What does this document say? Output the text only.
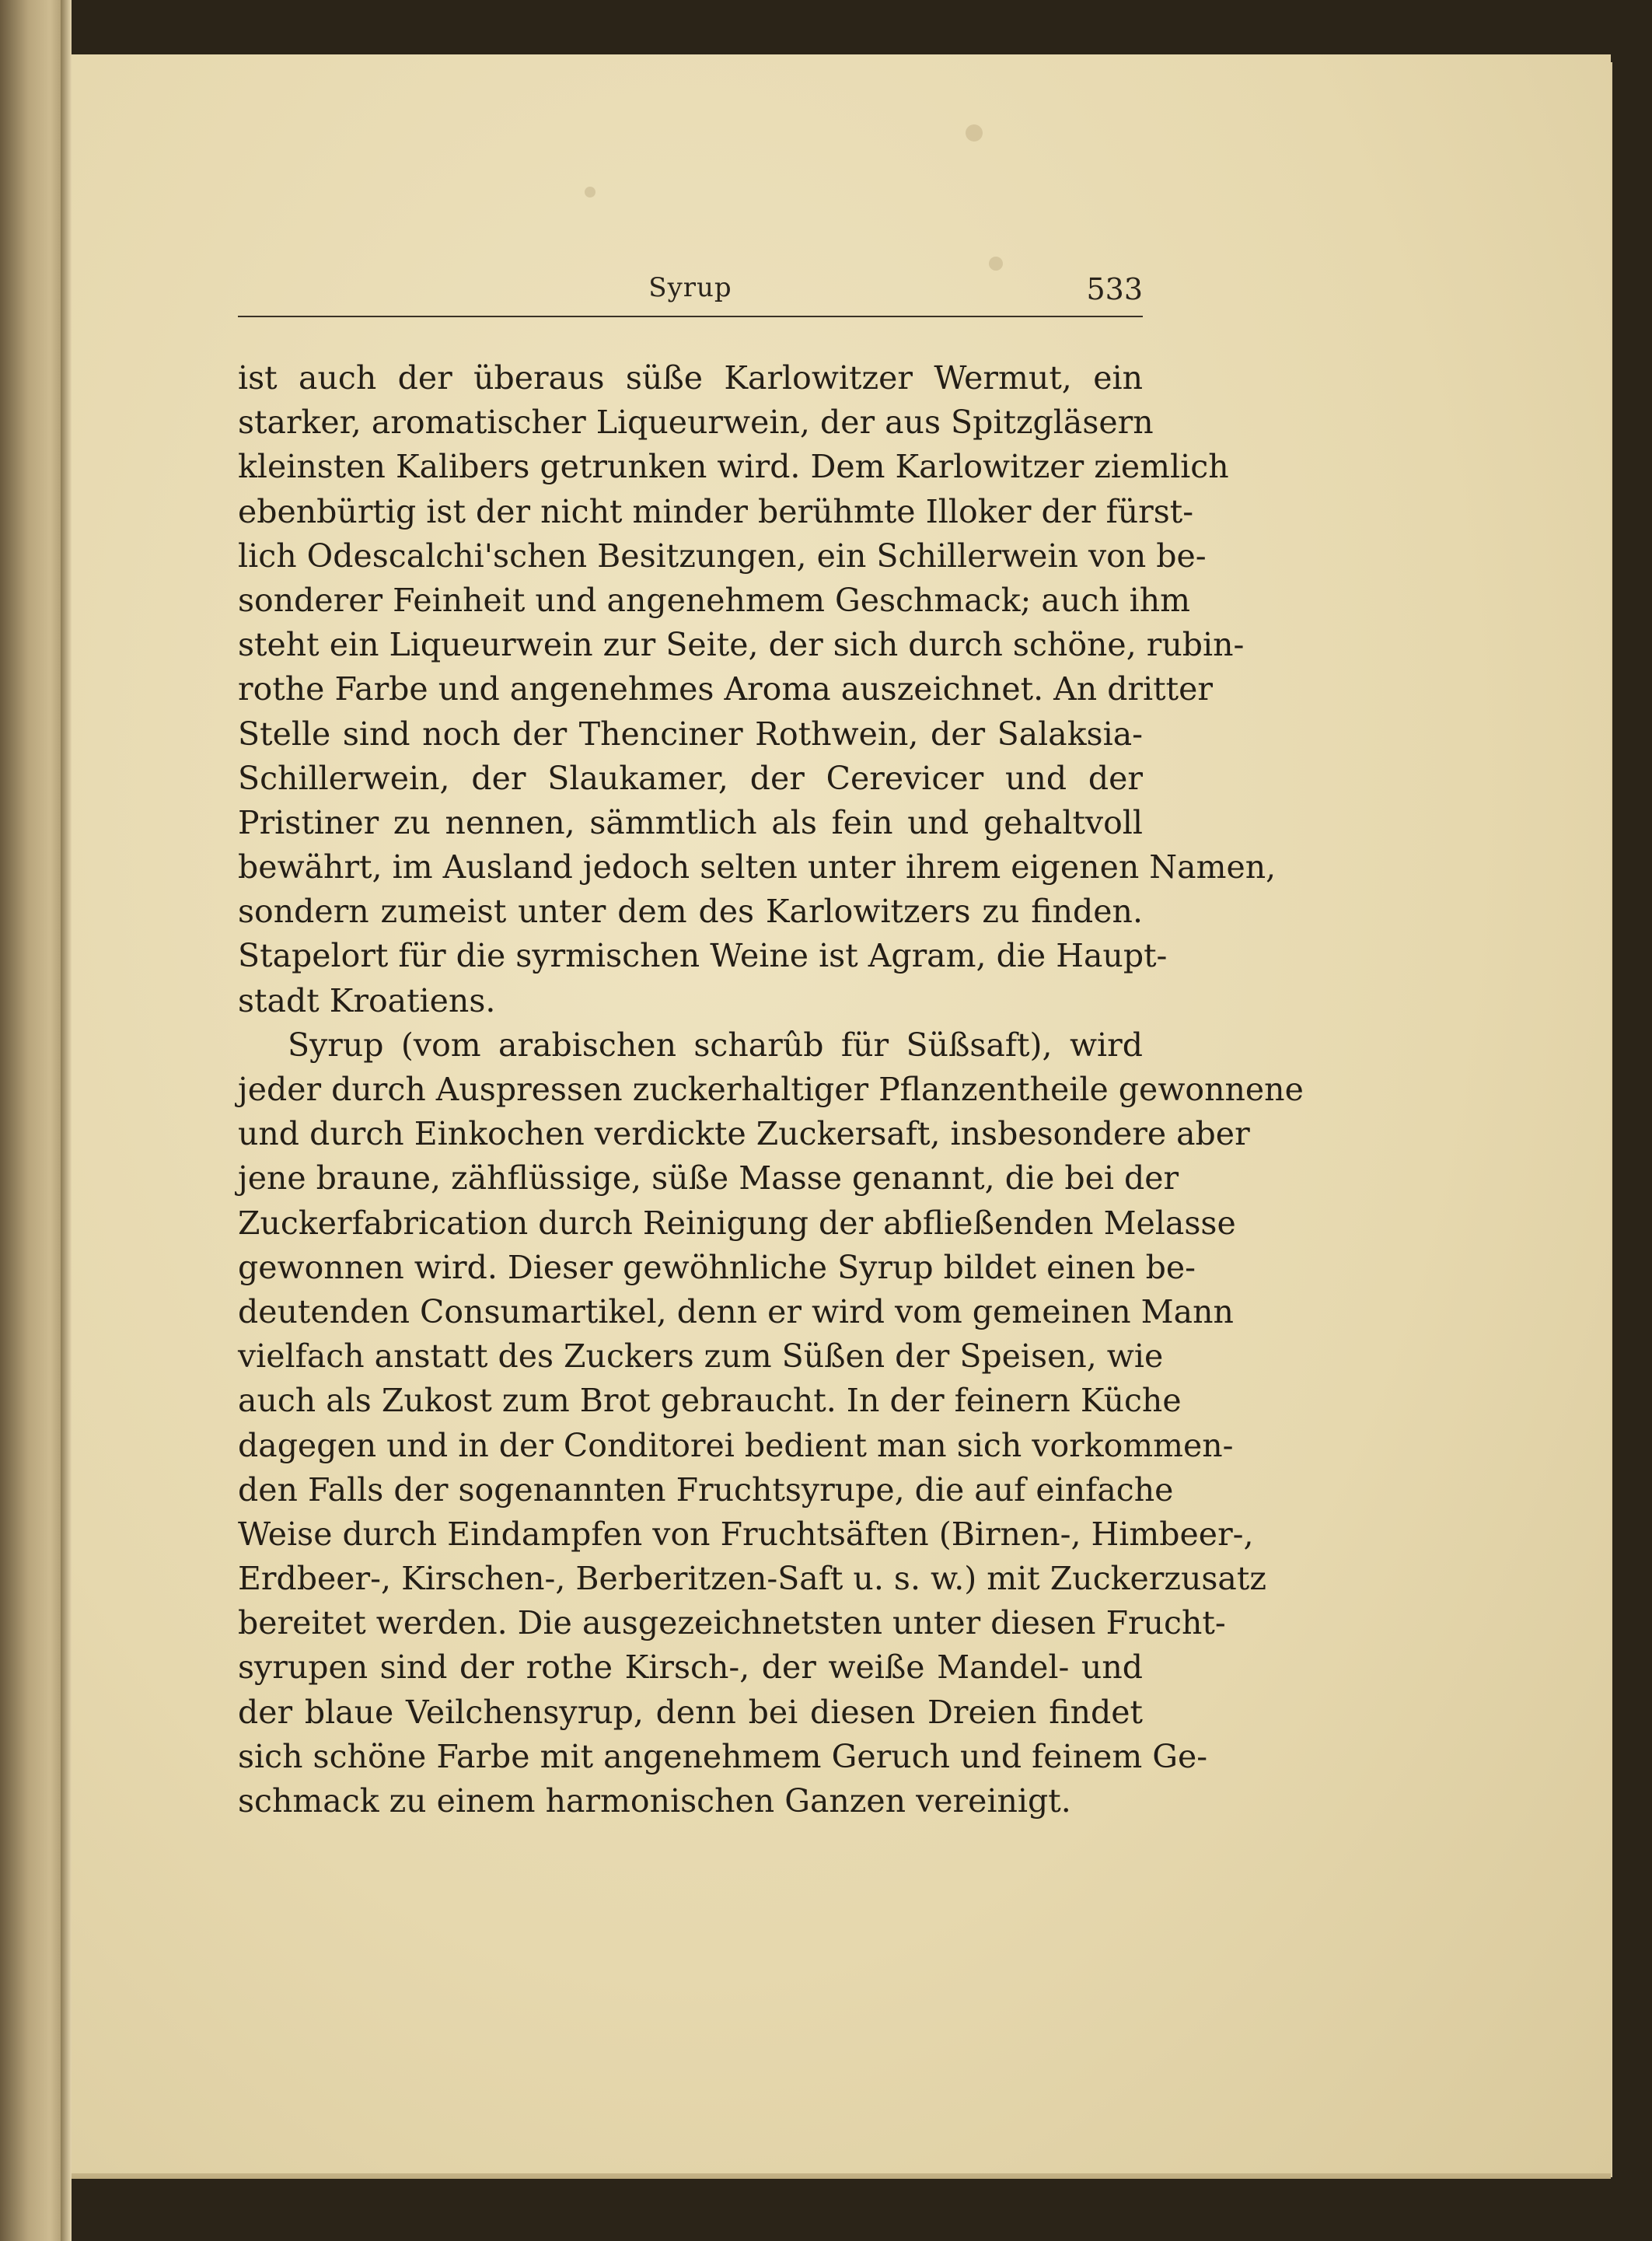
Syrup	533
ist auch der überaus süße Karlowitzer Wermut, ein
starker, aromatischer Liqueurwein, der aus Spitzgläsern
kleinsten Kalibers getrunken wird. Dem Karlowitzer ziemlich
ebenbürtig ist der nicht minder berühmte Illoker der fürst-
lich Odescalchi'schen Besitzungen, ein Schillerwein von be-
sonderer Feinheit und angenehmem Geschmack; auch ihm
steht ein Liqueurwein zur Seite, der sich durch schöne, rubin-
rothe Farbe und angenehmes Aroma auszeichnet. An dritter
Stelle sind noch der Thenciner Rothwein, der Salaksia-
Schillerwein, der Slaukamer, der Cerevicer und der
Pristiner zu nennen, sämmtlich als fein und gehaltvoll
bewährt, im Ausland jedoch selten unter ihrem eigenen Namen,
sondern zumeist unter dem des Karlowitzers zu finden.
Stapelort für die syrmischen Weine ist Agram, die Haupt-
stadt Kroatiens.
Syrup (vom arabischen scharûb für Süßsaft), wird
jeder durch Auspressen zuckerhaltiger Pflanzentheile gewonnene
und durch Einkochen verdickte Zuckersaft, insbesondere aber
jene braune, zähflüssige, süße Masse genannt, die bei der
Zuckerfabrication durch Reinigung der abfließenden Melasse
gewonnen wird. Dieser gewöhnliche Syrup bildet einen be-
deutenden Consumartikel, denn er wird vom gemeinen Mann
vielfach anstatt des Zuckers zum Süßen der Speisen, wie
auch als Zukost zum Brot gebraucht. In der feinern Küche
dagegen und in der Conditorei bedient man sich vorkommen-
den Falls der sogenannten Fruchtsyrupe, die auf einfache
Weise durch Eindampfen von Fruchtsäften (Birnen-, Himbeer-,
Erdbeer-, Kirschen-, Berberitzen-Saft u. s. w.) mit Zuckerzusatz
bereitet werden. Die ausgezeichnetsten unter diesen Frucht-
syrupen sind der rothe Kirsch-, der weiße Mandel- und
der blaue Veilchensyrup, denn bei diesen Dreien findet
sich schöne Farbe mit angenehmem Geruch und feinem Ge-
schmack zu einem harmonischen Ganzen vereinigt.
